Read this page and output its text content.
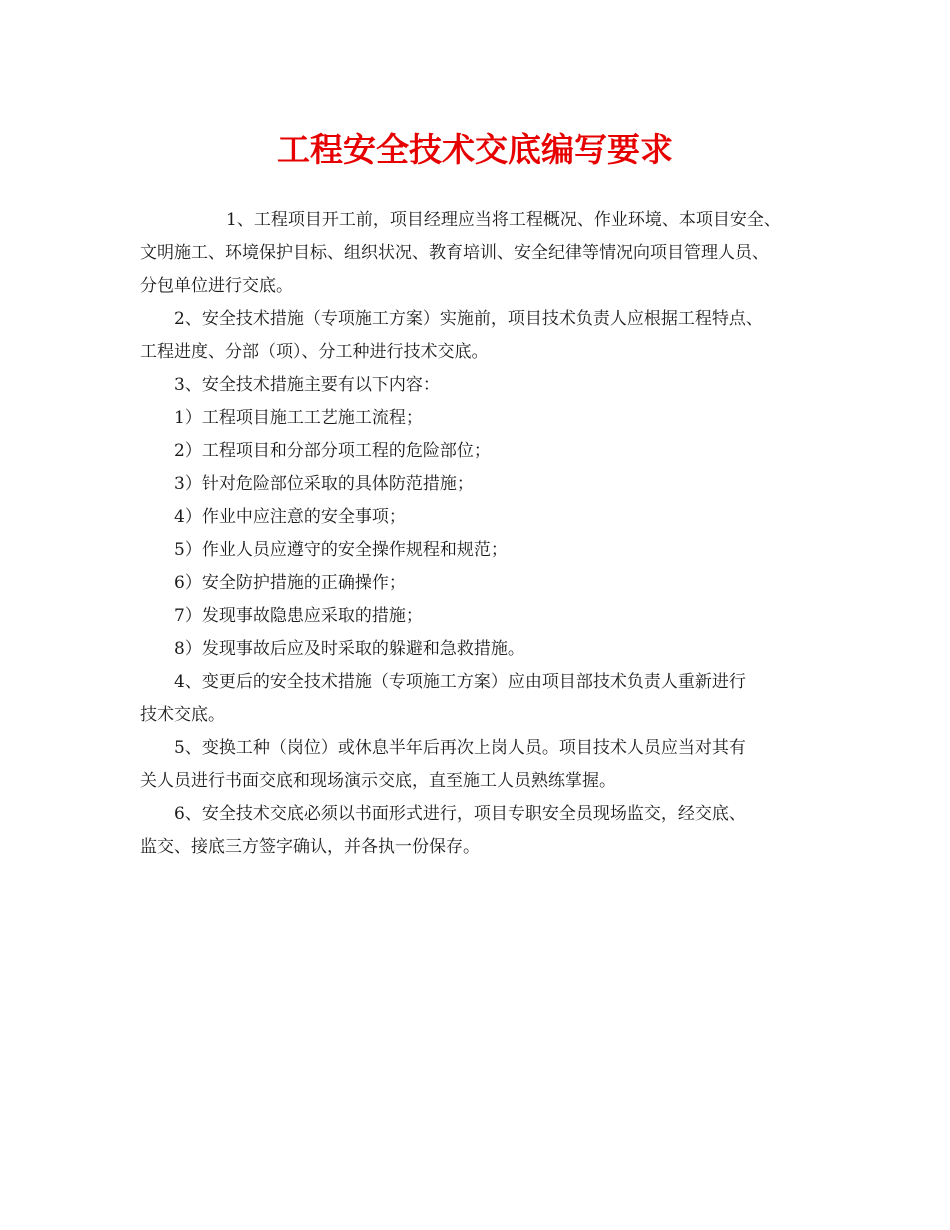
工程安全技术交底编写要求
1、工程项目开工前，项目经理应当将工程概况、作业环境、本项目安全、
文明施工、环境保护目标、组织状况、教育培训、安全纪律等情况向项目管理人员、
分包单位进行交底。
2、安全技术措施（专项施工方案）实施前，项目技术负责人应根据工程特点、
工程进度、分部（项）、分工种进行技术交底。
3、安全技术措施主要有以下内容：
1）工程项目施工工艺施工流程；
2）工程项目和分部分项工程的危险部位；
3）针对危险部位采取的具体防范措施；
4）作业中应注意的安全事项；
5）作业人员应遵守的安全操作规程和规范；
6）安全防护措施的正确操作；
7）发现事故隐患应采取的措施；
8）发现事故后应及时采取的躲避和急救措施。
4、变更后的安全技术措施（专项施工方案）应由项目部技术负责人重新进行
技术交底。
5、变换工种（岗位）或休息半年后再次上岗人员。项目技术人员应当对其有
关人员进行书面交底和现场演示交底，直至施工人员熟练掌握。
6、安全技术交底必须以书面形式进行，项目专职安全员现场监交，经交底、
监交、接底三方签字确认，并各执一份保存。
